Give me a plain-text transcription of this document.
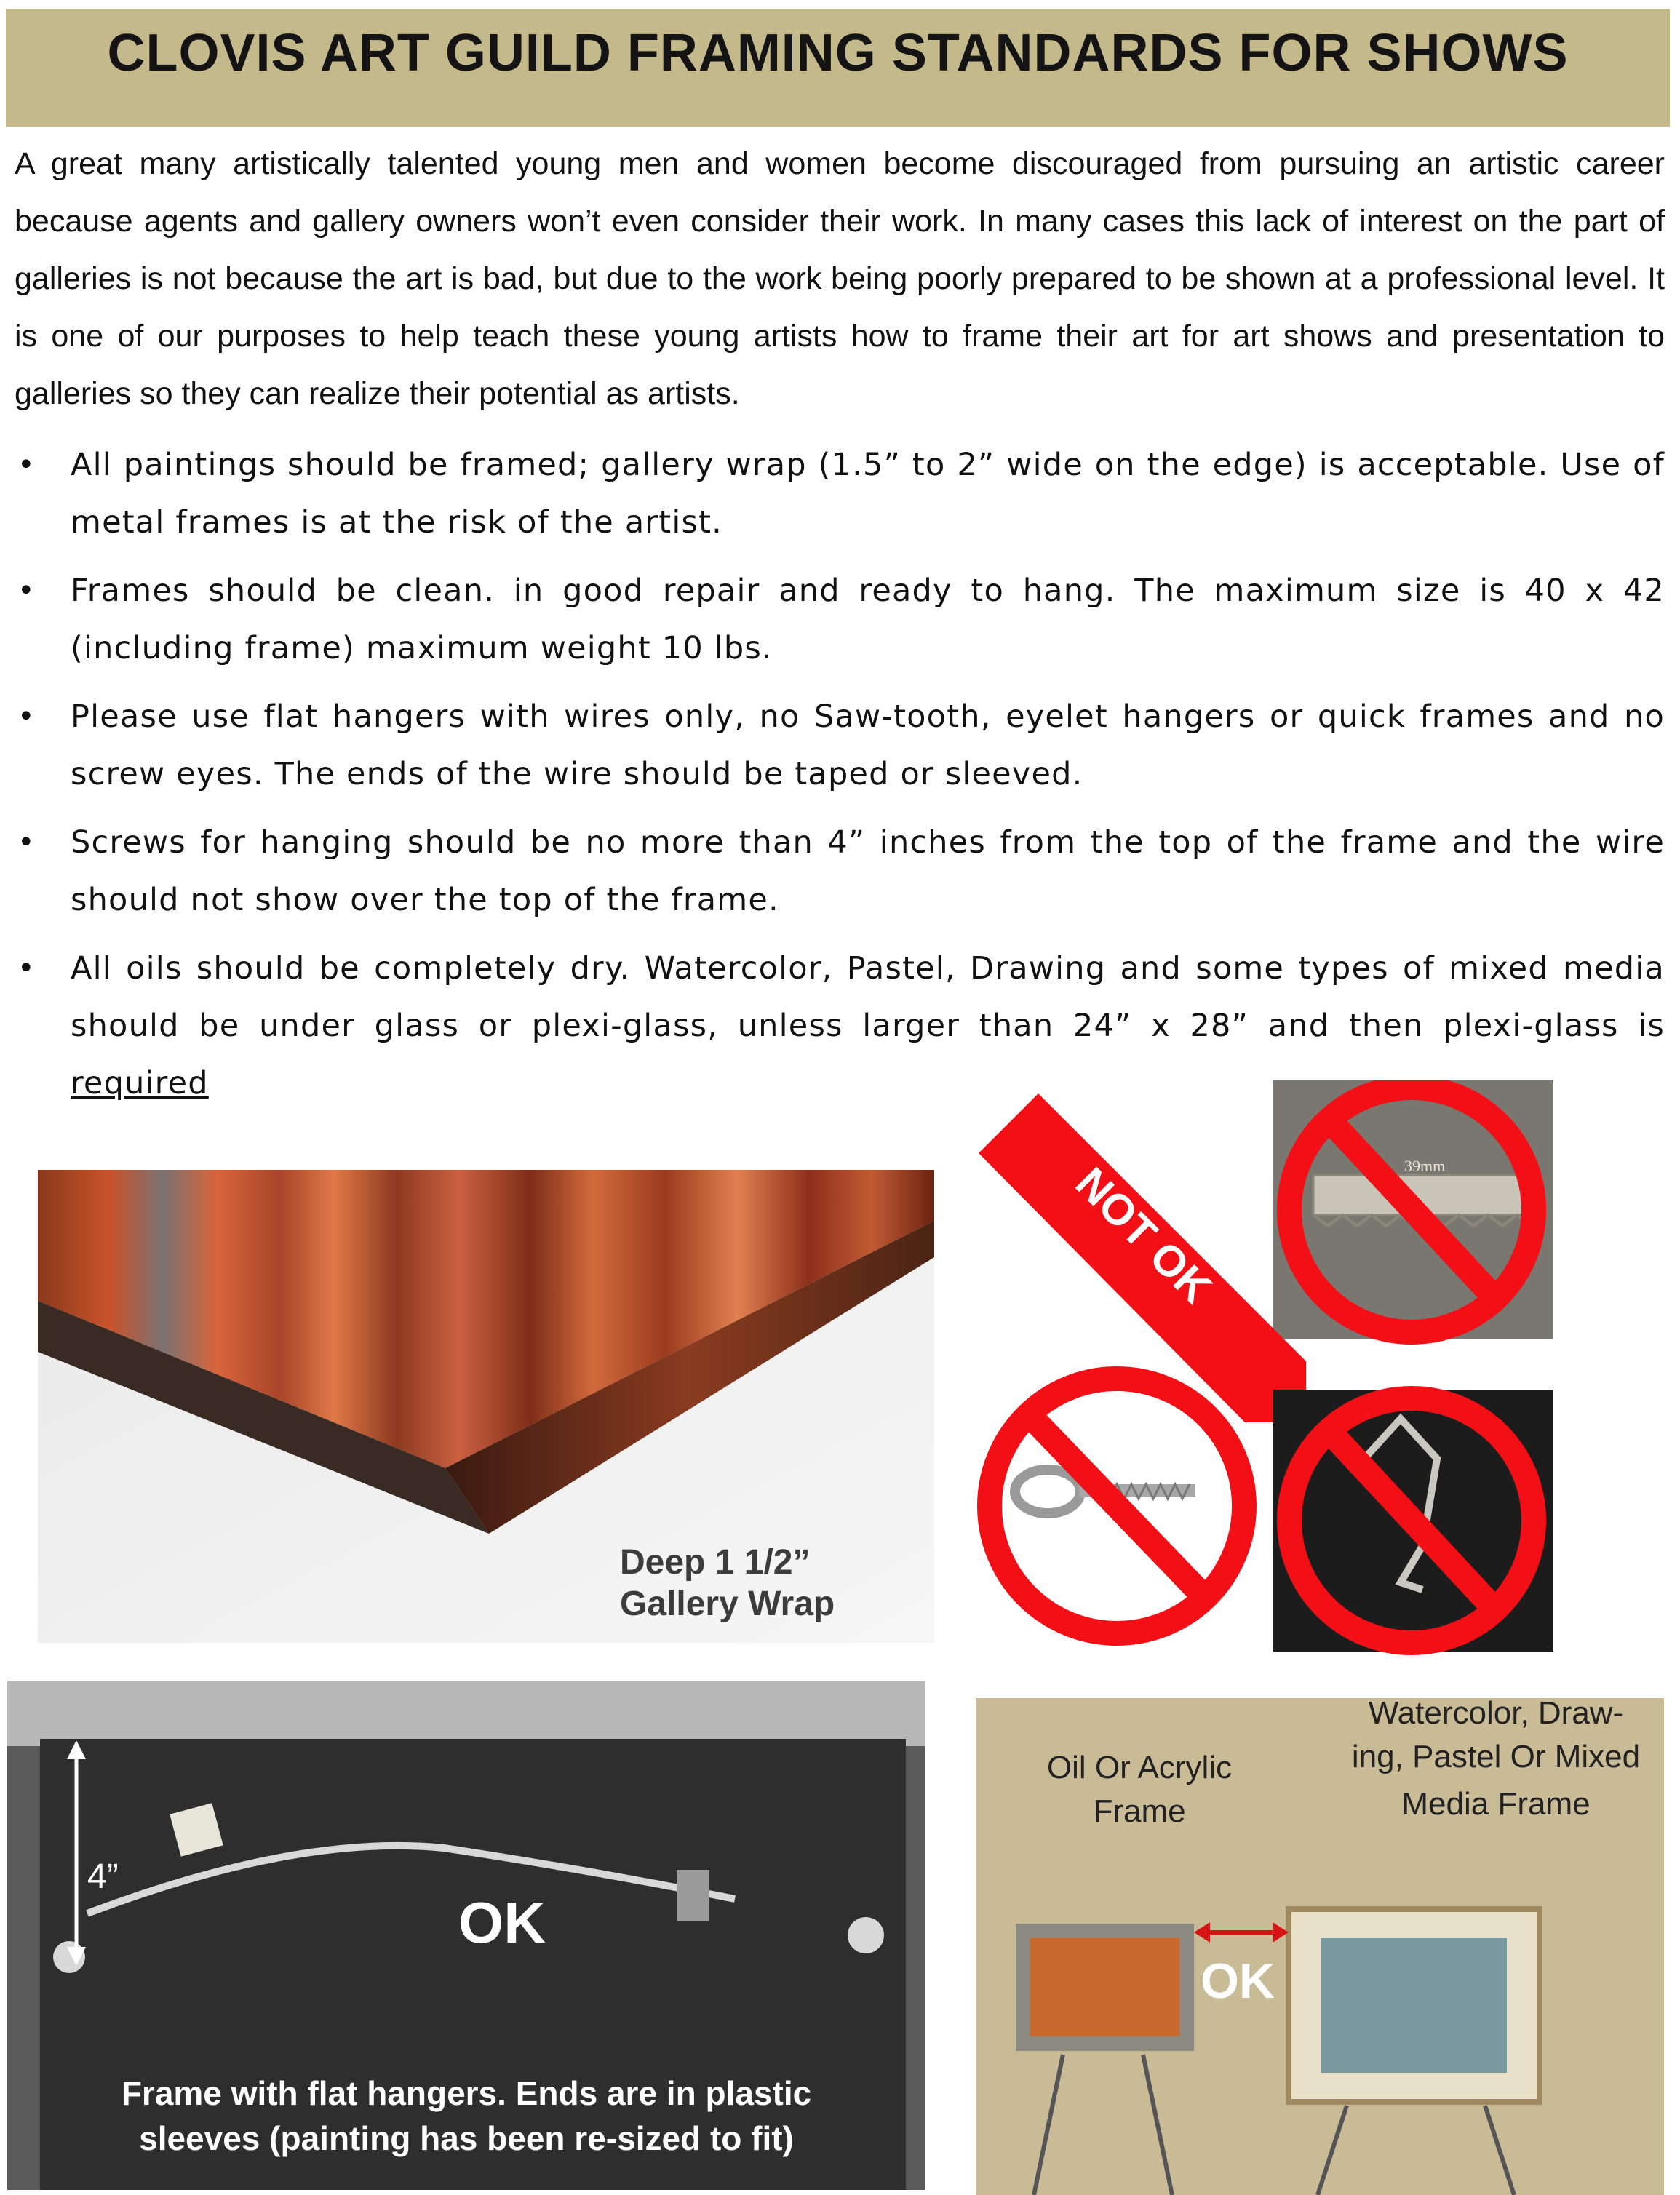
CLOVIS ART GUILD FRAMING STANDARDS FOR SHOWS
A great many artistically talented young men and women become discouraged from pursuing an artistic career because agents and gallery owners won’t even consider their work. In many cases this lack of interest on the part of galleries is not because the art is bad, but due to the work being poorly prepared to be shown at a professional level. It is one of our purposes to help teach these young artists how to frame their art for art shows and presentation to galleries so they can realize their potential as artists.
• All paintings should be framed; gallery wrap (1.5” to 2” wide on the edge) is acceptable. Use of metal frames is at the risk of the artist.
• Frames should be clean. in good repair and ready to hang. The maximum size is 40 x 42 (including frame) maximum weight 10 lbs.
• Please use flat hangers with wires only, no Saw-tooth, eyelet hangers or quick frames and no screw eyes. The ends of the wire should be taped or sleeved.
• Screws for hanging should be no more than 4” inches from the top of the frame and the wire should not show over the top of the frame.
• All oils should be completely dry. Watercolor, Pastel, Drawing and some types of mixed media should be under glass or plexi-glass, unless larger than 24” x 28” and then plexi-glass is required
Deep 1 1/2”
Gallery Wrap
39mm
NOT OK
4”
OK
Frame with flat hangers. Ends are in plastic
sleeves (painting has been re-sized to fit)
Oil Or Acrylic
Frame
Watercolor, Draw-
ing, Pastel Or Mixed
Media Frame
OK
